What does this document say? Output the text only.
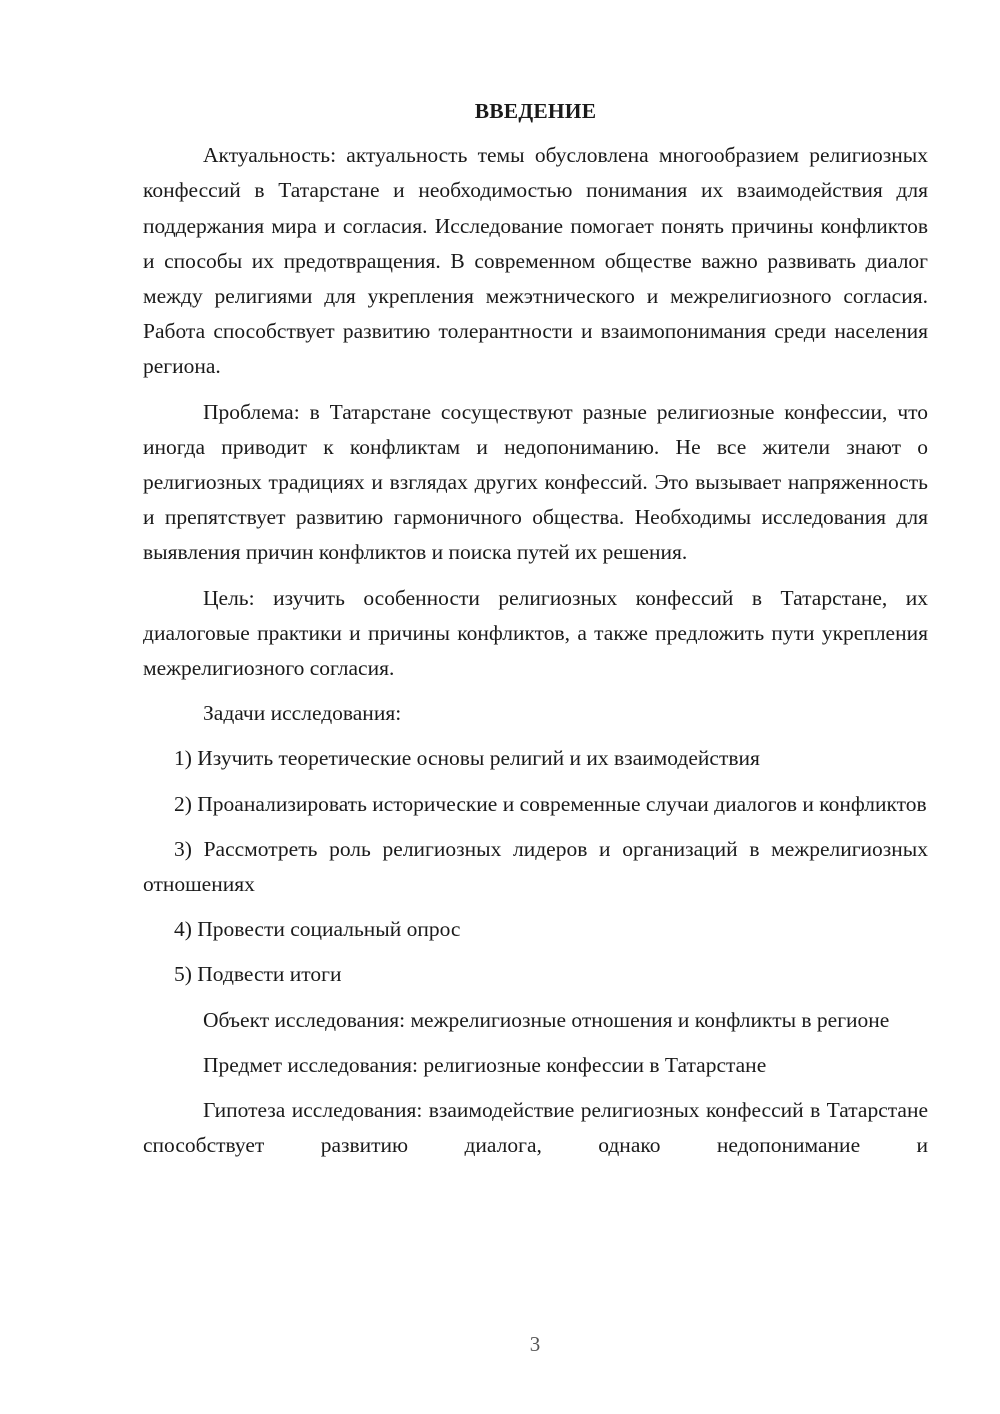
ВВЕДЕНИЕ

Актуальность: актуальность темы обусловлена многообразием религиозных конфессий в Татарстане и необходимостью понимания их взаимодействия для поддержания мира и согласия. Исследование помогает понять причины конфликтов и способы их предотвращения. В современном обществе важно развивать диалог между религиями для укрепления межэтнического и межрелигиозного согласия. Работа способствует развитию толерантности и взаимопонимания среди населения региона.

Проблема: в Татарстане сосуществуют разные религиозные конфессии, что иногда приводит к конфликтам и недопониманию. Не все жители знают о религиозных традициях и взглядах других конфессий. Это вызывает напряженность и препятствует развитию гармоничного общества. Необходимы исследования для выявления причин конфликтов и поиска путей их решения.

Цель: изучить особенности религиозных конфессий в Татарстане, их диалоговые практики и причины конфликтов, а также предложить пути укрепления межрелигиозного согласия.

Задачи исследования:

1) Изучить теоретические основы религий и их взаимодействия

2) Проанализировать исторические и современные случаи диалогов и конфликтов

3) Рассмотреть роль религиозных лидеров и организаций в межрелигиозных отношениях

4) Провести социальный опрос

5) Подвести итоги

Объект исследования: межрелигиозные отношения и конфликты в регионе

Предмет исследования: религиозные конфессии в Татарстане

Гипотеза исследования: взаимодействие религиозных конфессий в Татарстане способствует развитию диалога, однако недопонимание и

3
